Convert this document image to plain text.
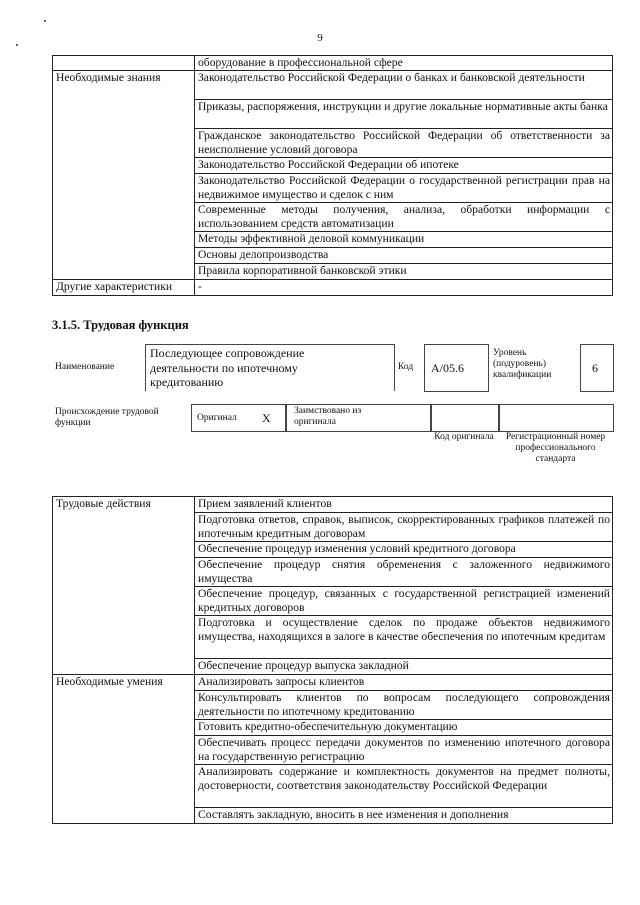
9
	оборудование в профессиональной сфере
Необходимые знания	Законодательство Российской Федерации о банках и банковской деятельности
	Приказы, распоряжения, инструкции и другие локальные нормативные акты банка
	Гражданское законодательство Российской Федерации об ответственности за неисполнение условий договора
	Законодательство Российской Федерации об ипотеке
	Законодательство Российской Федерации о государственной регистрации прав на недвижимое имущество и сделок с ним
	Современные методы получения, анализа, обработки информации с использованием средств автоматизации
	Методы эффективной деловой коммуникации
	Основы делопроизводства
	Правила корпоративной банковской этики
Другие характеристики	-
3.1.5. Трудовая функция
Наименование
Последующее сопровождение деятельности по ипотечному кредитованию
Код А/05.6
Уровень (подуровень) квалификации	6
Происхождение трудовой функции	Оригинал X Заимствовано из оригинала
Код оригинала	Регистрационный номер профессионального стандарта
Трудовые действия	Прием заявлений клиентов
	Подготовка ответов, справок, выписок, скорректированных графиков платежей по ипотечным кредитным договорам
	Обеспечение процедур изменения условий кредитного договора
	Обеспечение процедур снятия обременения с заложенного недвижимого имущества
	Обеспечение процедур, связанных с государственной регистрацией изменений кредитных договоров
	Подготовка и осуществление сделок по продаже объектов недвижимого имущества, находящихся в залоге в качестве обеспечения по ипотечным кредитам
	Обеспечение процедур выпуска закладной
Необходимые умения	Анализировать запросы клиентов
	Консультировать клиентов по вопросам последующего сопровождения деятельности по ипотечному кредитованию
	Готовить кредитно-обеспечительную документацию
	Обеспечивать процесс передачи документов по изменению ипотечного договора на государственную регистрацию
	Анализировать содержание и комплектность документов на предмет полноты, достоверности, соответствия законодательству Российской Федерации
	Составлять закладную, вносить в нее изменения и дополнения
